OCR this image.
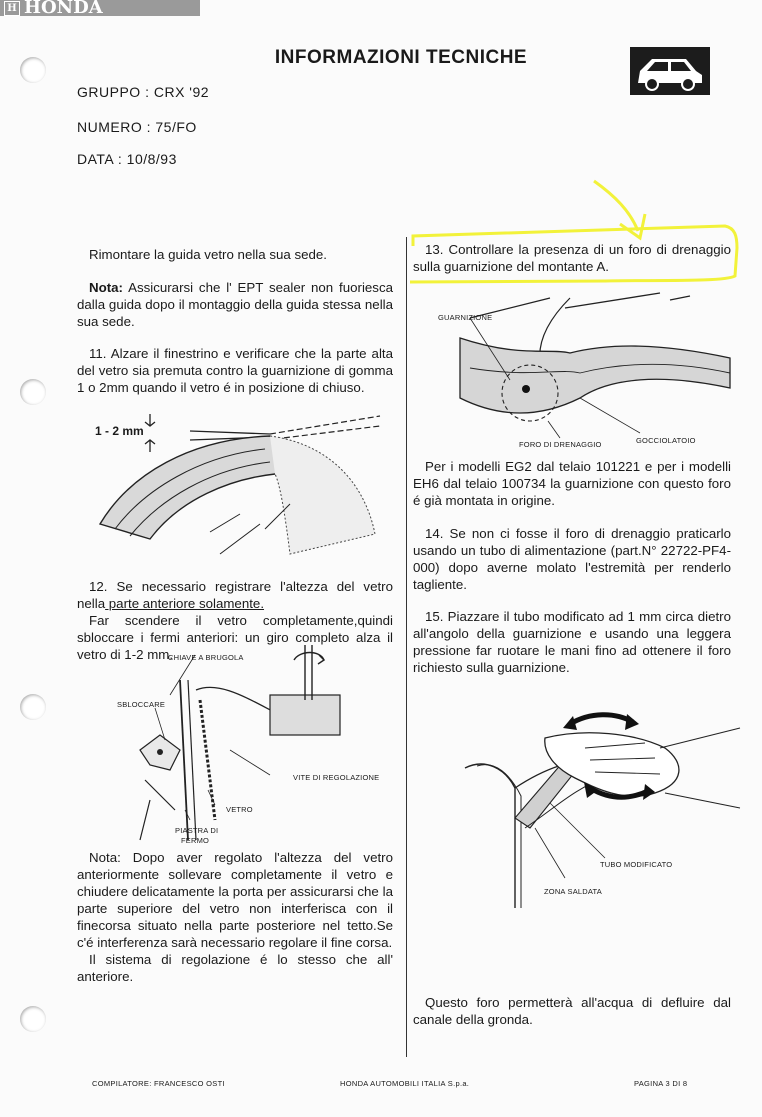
H HONDA
INFORMAZIONI TECNICHE
GRUPPO : CRX '92
NUMERO : 75/FO
DATA : 10/8/93

Rimontare la guida vetro nella sua sede.

Nota: Assicurarsi che l' EPT sealer non fuoriesca dalla guida dopo il montaggio della guida stessa nella sua sede.

11. Alzare il finestrino e verificare che la parte alta del vetro sia premuta contro la guarnizione di gomma 1 o 2mm quando il vetro é in posizione di chiuso.

1 - 2 mm

12. Se necessario registrare l'altezza del vetro nella parte anteriore solamente.

Far scendere il vetro completamente,quindi sbloccare i fermi anteriori: un giro completo alza il vetro di 1-2 mm.

CHIAVE A BRUGOLA
SBLOCCARE
VITE DI REGOLAZIONE
VETRO
PIASTRA DI
FERMO

Nota: Dopo aver regolato l'altezza del vetro anteriormente sollevare completamente il vetro e chiudere delicatamente la porta per assicurarsi che la parte superiore del vetro non interferisca con il finecorsa situato nella parte posteriore nel tetto.Se c'é interferenza sarà necessario regolare il fine corsa.

Il sistema di regolazione é lo stesso che all' anteriore.

13. Controllare la presenza di un foro di drenaggio sulla guarnizione del montante A.

GUARNIZIONE
FORO DI DRENAGGIO	GOCCIOLATOIO

Per i modelli EG2 dal telaio 101221 e per i modelli EH6 dal telaio 100734 la guarnizione con questo foro é già montata in origine.

14. Se non ci fosse il foro di drenaggio praticarlo usando un tubo di alimentazione (part.N° 22722-PF4-000) dopo averne molato l'estremità per renderlo tagliente.

15. Piazzare il tubo modificato ad 1 mm circa dietro all'angolo della guarnizione e usando una leggera pressione far ruotare le mani fino ad ottenere il foro richiesto sulla guarnizione.

TUBO MODIFICATO
ZONA SALDATA

Questo foro permetterà all'acqua di defluire dal canale della gronda.

COMPILATORE: FRANCESCO OSTI	HONDA AUTOMOBILI ITALIA S.p.a.	PAGINA 3 DI 8
